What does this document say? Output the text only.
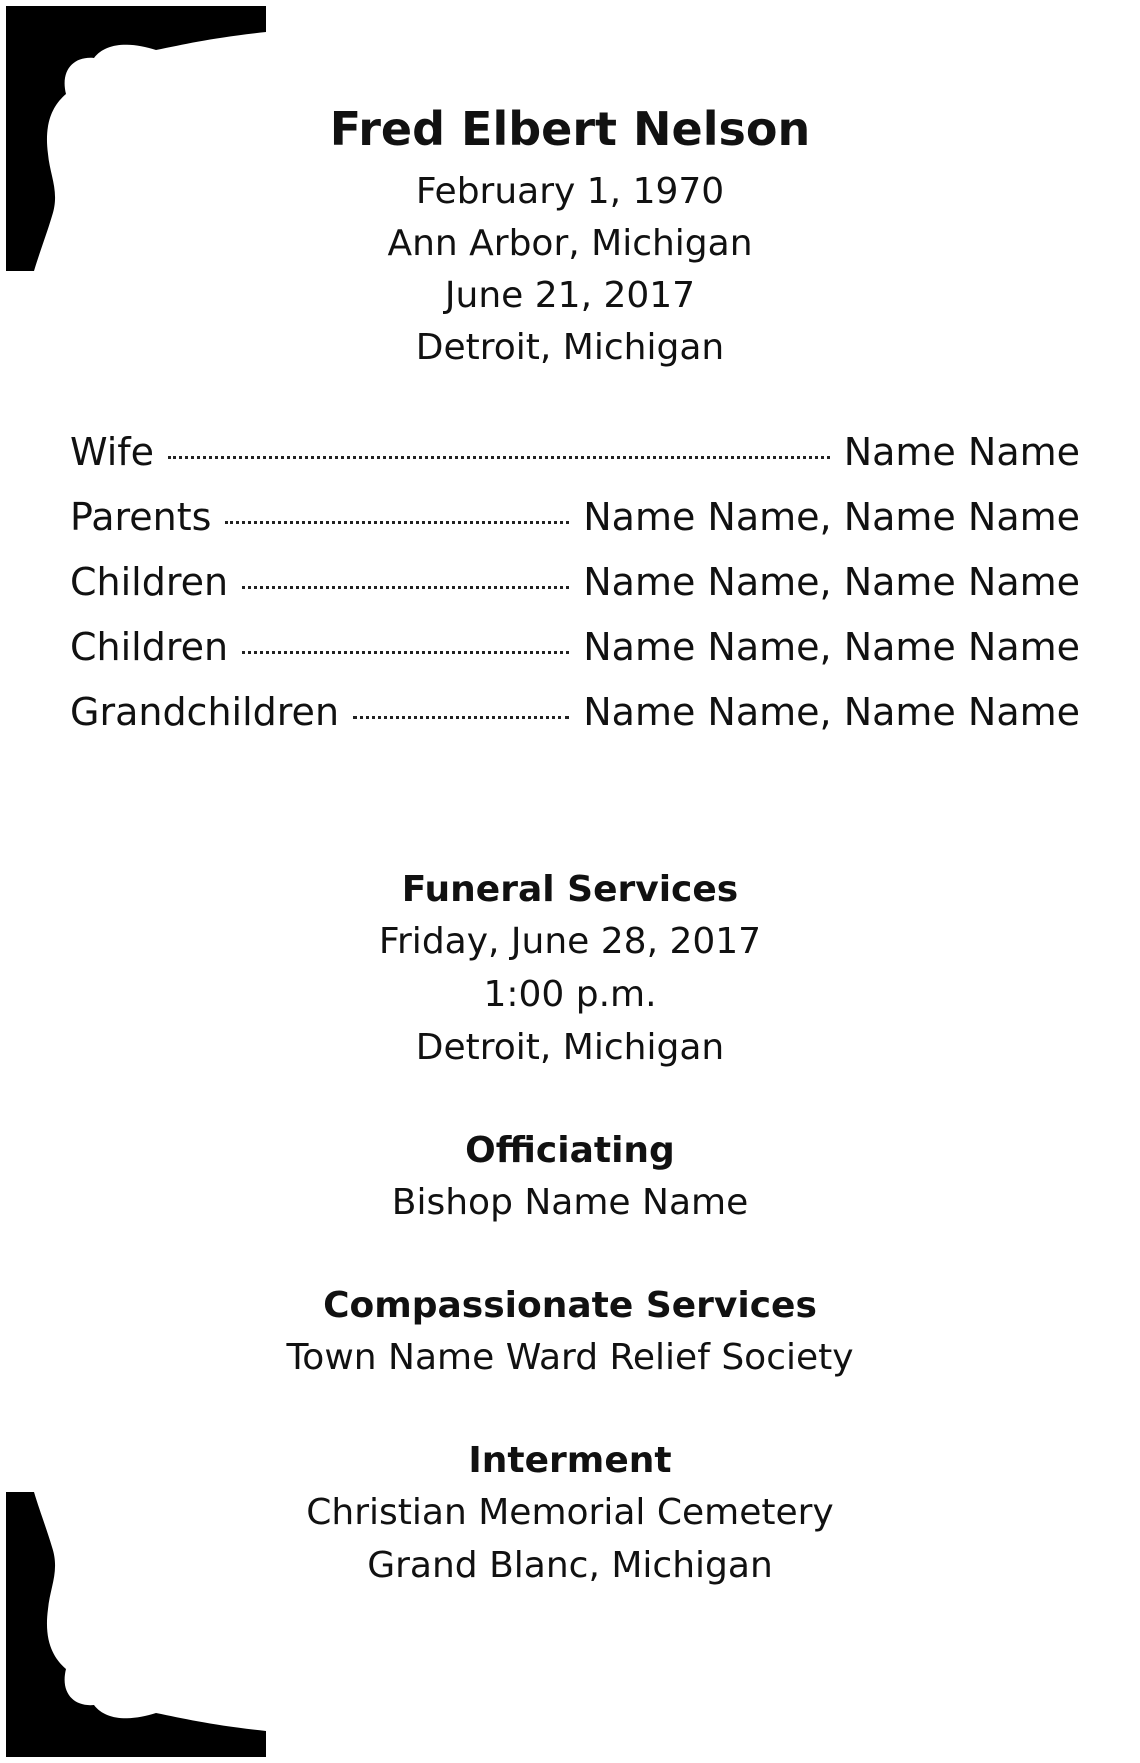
Fred Elbert Nelson

February 1, 1970

Ann Arbor, Michigan

June 21, 2017

Detroit, Michigan

Wife	Name Name
Parents	Name Name, Name Name
Children	Name Name, Name Name
Children	Name Name, Name Name
Grandchildren	Name Name, Name Name

Funeral Services

Friday, June 28, 2017

1:00 p.m.

Detroit, Michigan

Officiating

Bishop Name Name

Compassionate Services

Town Name Ward Relief Society

Interment

Christian Memorial Cemetery

Grand Blanc, Michigan
